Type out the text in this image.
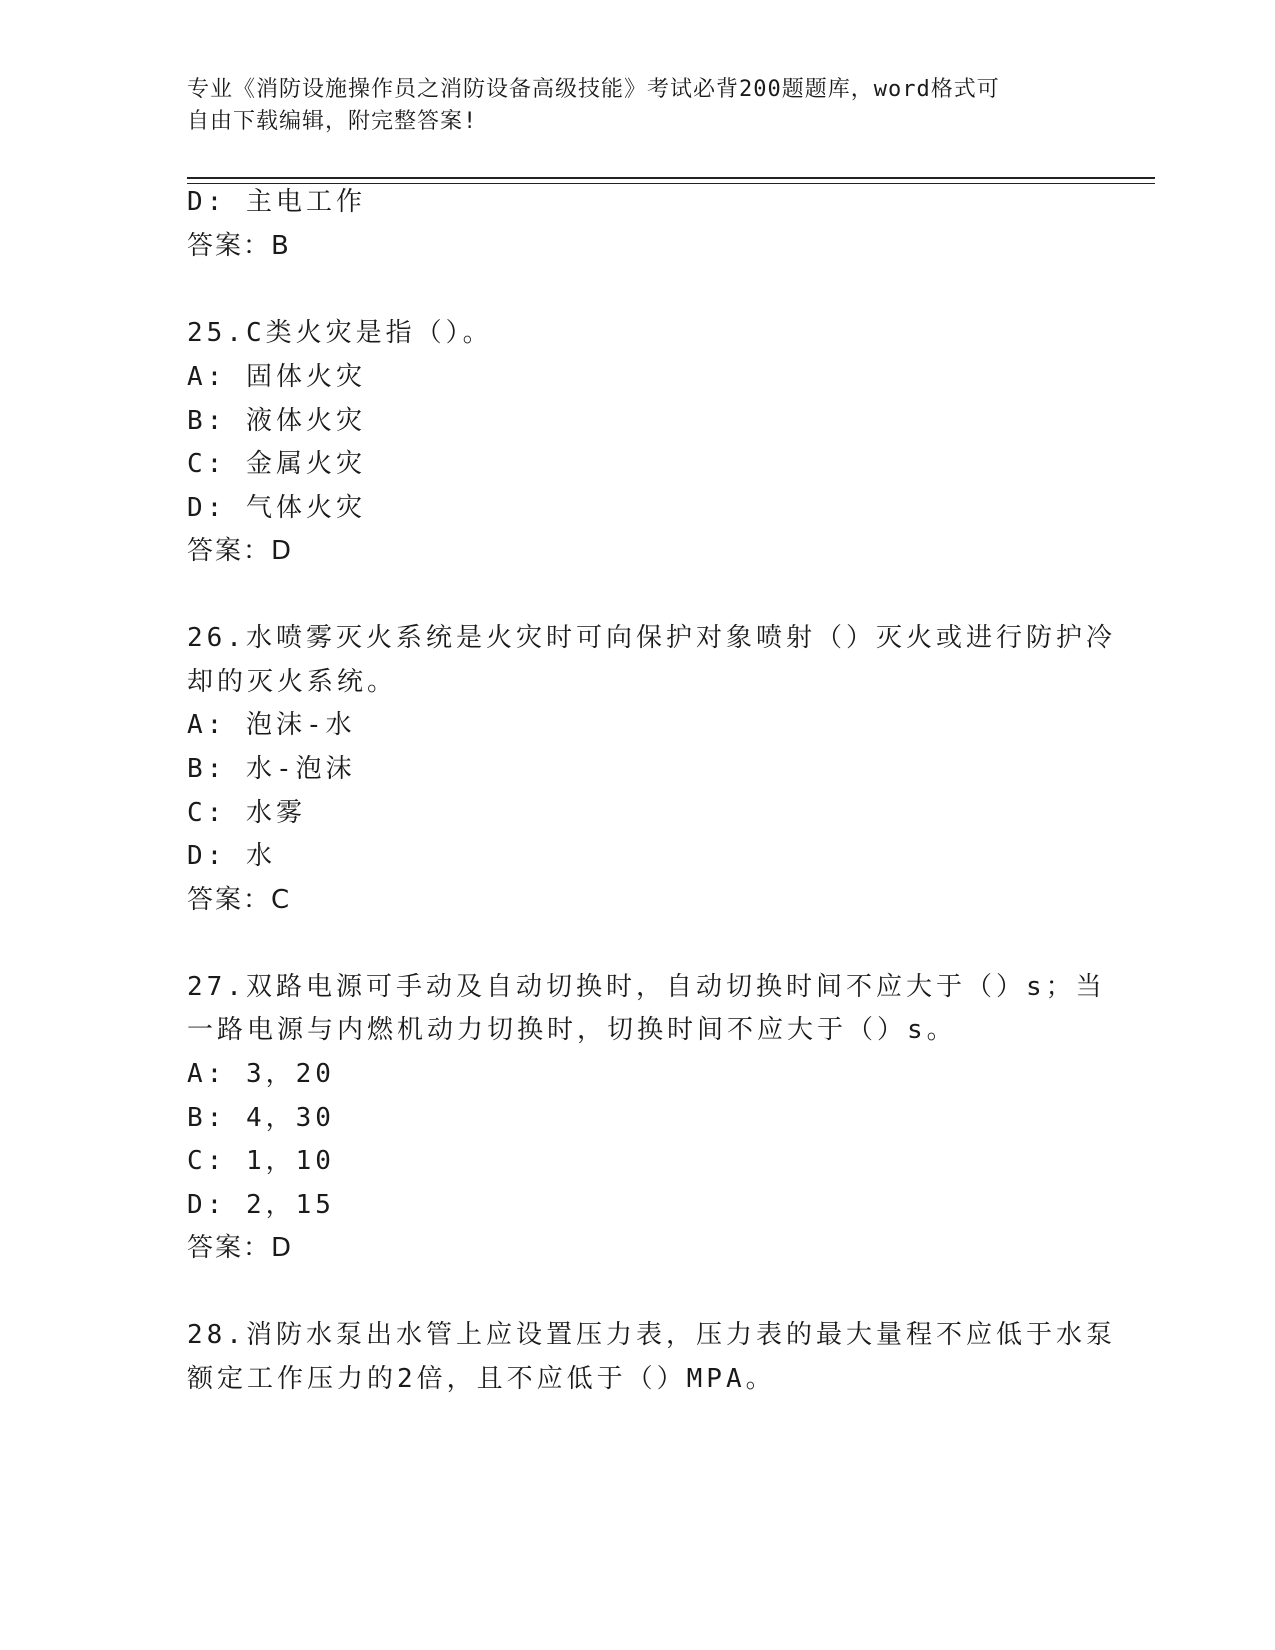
专业《消防设施操作员之消防设备高级技能》考试必背200题题库，word格式可
自由下载编辑，附完整答案!
D: 主电工作
答案：B
25.C类火灾是指（）。
A: 固体火灾
B: 液体火灾
C: 金属火灾
D: 气体火灾
答案：D
26.水喷雾灭火系统是火灾时可向保护对象喷射（）灭火或进行防护冷
却的灭火系统。
A: 泡沫-水
B: 水-泡沫
C: 水雾
D: 水
答案：C
27.双路电源可手动及自动切换时，自动切换时间不应大于（）s；当
一路电源与内燃机动力切换时，切换时间不应大于（）s。
A: 3，20
B: 4，30
C: 1，10
D: 2，15
答案：D
28.消防水泵出水管上应设置压力表，压力表的最大量程不应低于水泵
额定工作压力的2倍，且不应低于（）MPA。
